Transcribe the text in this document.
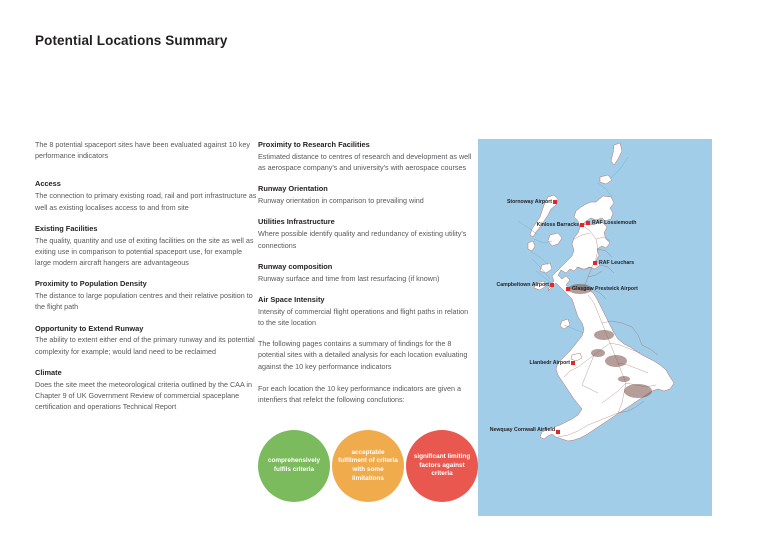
Potential Locations Summary
The 8 potential spaceport sites have been evaluated against 10 key performance indicators
Access
The connection to primary existing road, rail and port infrastructure as well as existing localises access to and from site
Existing Facilities
The quality, quantity and use of exiting facilities on the site as well as exiting use in comparison to potential spaceport use, for example large modern aircraft hangers are advantageous
Proximity to Population Density
The distance to large population centres and their relative position to the flight path
Opportunity to Extend Runway
The ability to extent either end of the primary runway and its potential complexity for example; would land need to be reclaimed
Climate
Does the site meet the meteorological criteria outlined by the CAA in Chapter 9 of UK Government Review of commercial spaceplane certification and operations Technical Report
Proximity to Research Facilities
Estimated distance to centres of research and development as well as aerospace company's and university's with aerospace courses
Runway Orientation
Runway orientation in comparison to prevailing wind
Utilities Infrastructure
Where possible identify quality and redundancy of existing utility's connections
Runway composition
Runway surface and time from last resurfacing (if known)
Air Space Intensity
Intensity of commercial flight operations and flight paths in relation to the site location
The following pages contains a summary of findings for the 8 potential sites with a detailed analysis for each location evaluating against the 10 key performance indicators
For each location the 10 key performance indicators are given a intenfiers that refelct the following conclutions:
comprehensively fulfils criteria
acceptable fulfilment of criteria with some limitations
significant limiting factors against criteria
Stornoway Airport
Kinloss Barracks	RAF Lossiemouth
RAF Leuchars
Campbeltown Airport
Glasgow Prestwick Airport
Llanbedr Airport
Newquay Cornwall Airfield
